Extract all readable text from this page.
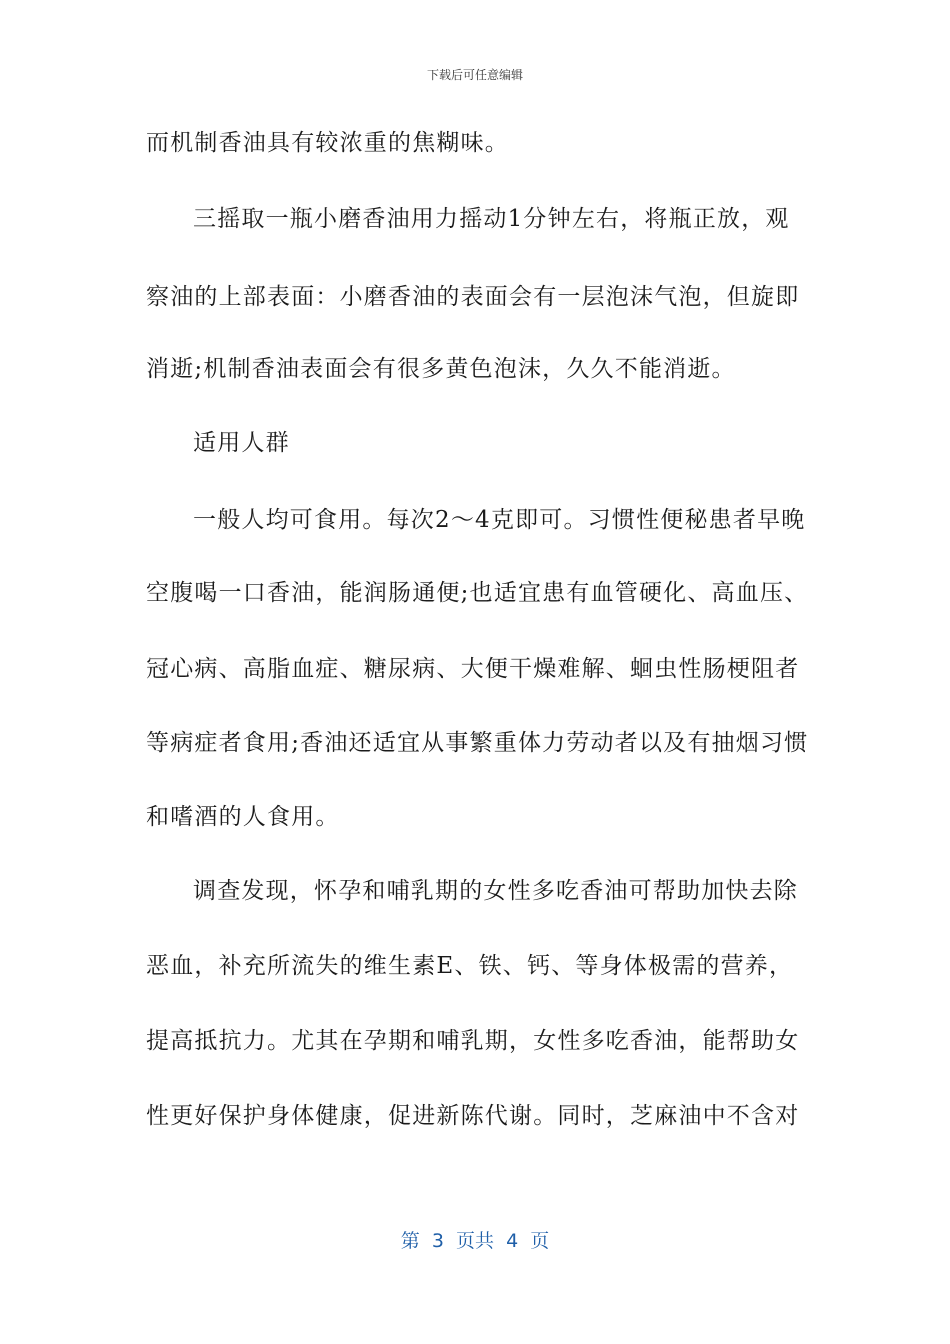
下载后可任意编辑
而机制香油具有较浓重的焦糊味。
三摇取一瓶小磨香油用力摇动1分钟左右，将瓶正放，观
察油的上部表面：小磨香油的表面会有一层泡沫气泡，但旋即
消逝;机制香油表面会有很多黄色泡沫，久久不能消逝。
适用人群
一般人均可食用。每次2～4克即可。习惯性便秘患者早晚
空腹喝一口香油，能润肠通便;也适宜患有血管硬化、高血压、
冠心病、高脂血症、糖尿病、大便干燥难解、蛔虫性肠梗阻者
等病症者食用;香油还适宜从事繁重体力劳动者以及有抽烟习惯
和嗜酒的人食用。
调查发现，怀孕和哺乳期的女性多吃香油可帮助加快去除
恶血，补充所流失的维生素E、铁、钙、等身体极需的营养，
提高抵抗力。尤其在孕期和哺乳期，女性多吃香油，能帮助女
性更好保护身体健康，促进新陈代谢。同时，芝麻油中不含对
第  3  页共  4  页
